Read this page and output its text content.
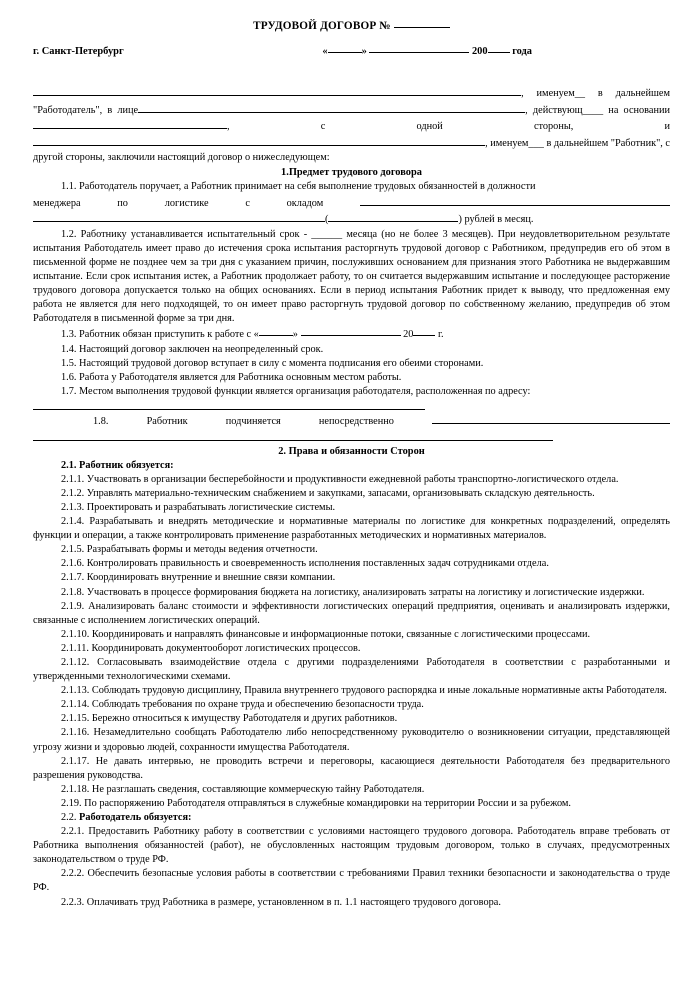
ТРУДОВОЙ ДОГОВОР №
г. Санкт-Петербург	«	»	200 года
,     именуем__     в     дальнейшем
"Работодатель",  в  лице	,  действующ____  на  основании
,	с	одной	стороны,	и
, именуем___ в дальнейшем "Работник", с

другой стороны, заключили настоящий договор о нижеследующем:

1.Предмет трудового договора

1.1. Работодатель поручает, а Работник принимает на себя выполнение трудовых обязанностей в должности

менеджера	по	логистике	с	окладом
(	) рублей в месяц.

1.2. Работнику устанавливается испытательный срок - ______ месяца (но не более 3 месяцев). При неудовлетворительном результате испытания Работодатель имеет право до истечения срока испытания расторгнуть трудовой договор с Работником, предупредив его об этом в письменной форме не позднее чем за три дня с указанием причин, послуживших основанием для признания этого Работника не выдержавшим испытание. Если срок испытания истек, а Работник продолжает работу, то он считается выдержавшим испытание и последующее расторжение трудового договора допускается только на общих основаниях. Если в период испытания Работник придет к выводу, что предложенная ему работа не является для него подходящей, то он имеет право расторгнуть трудовой договор по собственному желанию, предупредив об этом Работодателя в письменной форме за три дня.

1.3. Работник обязан приступить к работе с «	»	20 г.

1.4. Настоящий договор заключен на неопределенный срок.

1.5. Настоящий трудовой договор вступает в силу с момента подписания его обеими сторонами.

1.6. Работа у Работодателя является для Работника основным местом работы.

1.7. Местом выполнения трудовой функции является организация работодателя, расположенная по адресу:

1.8.	Работник	подчиняется	непосредственно
2. Права и обязанности Сторон

2.1. Работник обязуется:

2.1.1. Участвовать в организации бесперебойности и продуктивности ежедневной работы транспортно-логистического отдела.

2.1.2. Управлять материально-техническим снабжением и закупками, запасами, организовывать складскую деятельность.

2.1.3. Проектировать и разрабатывать логистические системы.

2.1.4. Разрабатывать и внедрять методические и нормативные материалы по логистике для конкретных подразделений, определять функции и операции, а также контролировать применение разработанных методических и нормативных материалов.

2.1.5. Разрабатывать формы и методы ведения отчетности.

2.1.6. Контролировать правильность и своевременность исполнения поставленных задач сотрудниками отдела.

2.1.7. Координировать внутренние и внешние связи компании.

2.1.8. Участвовать в процессе формирования бюджета на логистику, анализировать затраты на логистику и логистические издержки.

2.1.9. Анализировать баланс стоимости и эффективности логистических операций предприятия, оценивать и анализировать издержки, связанные с исполнением логистических операций.

2.1.10. Координировать и направлять финансовые и информационные потоки, связанные с логистическими процессами.

2.1.11. Координировать документооборот логистических процессов.

2.1.12. Согласовывать взаимодействие отдела с другими подразделениями Работодателя в соответствии с разработанными и утвержденными технологическими схемами.

2.1.13. Соблюдать трудовую дисциплину, Правила внутреннего трудового распорядка и иные локальные нормативные акты Работодателя.

2.1.14. Соблюдать требования по охране труда и обеспечению безопасности труда.

2.1.15. Бережно относиться к имуществу Работодателя и других работников.

2.1.16. Незамедлительно сообщать Работодателю либо непосредственному руководителю о возникновении ситуации, представляющей угрозу жизни и здоровью людей, сохранности имущества Работодателя.

2.1.17. Не давать интервью, не проводить встречи и переговоры, касающиеся деятельности Работодателя без предварительного разрешения руководства.

2.1.18. Не разглашать сведения, составляющие коммерческую тайну Работодателя.

2.19. По распоряжению Работодателя отправляться в служебные командировки на территории России и за рубежом.

2.2. Работодатель обязуется:

2.2.1. Предоставить Работнику работу в соответствии с условиями настоящего трудового договора. Работодатель вправе требовать от Работника выполнения обязанностей (работ), не обусловленных настоящим трудовым договором, только в случаях, предусмотренных законодательством о труде РФ.

2.2.2. Обеспечить безопасные условия работы в соответствии с требованиями Правил техники безопасности и законодательства о труде РФ.

2.2.3. Оплачивать труд Работника в размере, установленном в п. 1.1 настоящего трудового договора.
